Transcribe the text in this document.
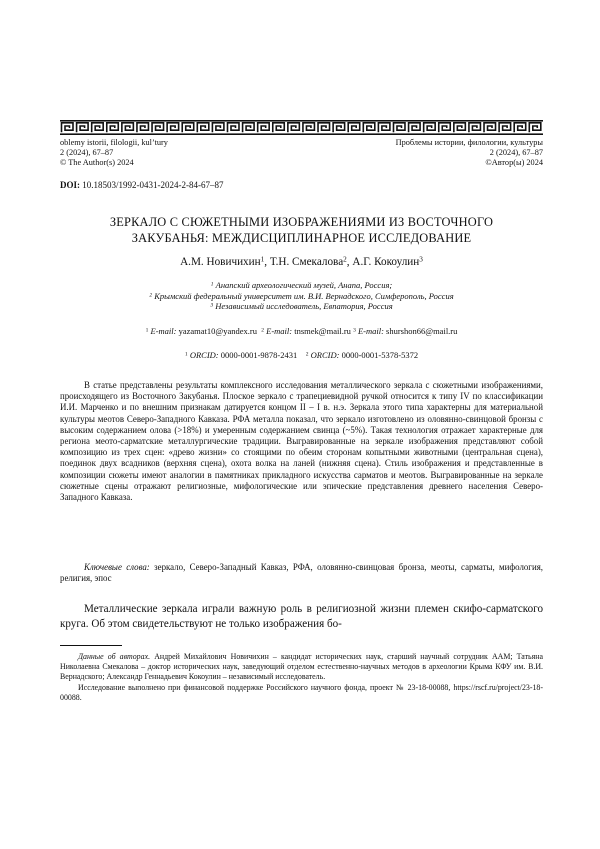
oblemy istorii, filologii, kul’tury
2 (2024), 67–87
© The Author(s) 2024
Проблемы истории, филологии, культуры
2 (2024), 67–87
©Автор(ы) 2024
DOI: 10.18503/1992-0431-2024-2-84-67–87
ЗЕРКАЛО С СЮЖЕТНЫМИ ИЗОБРАЖЕНИЯМИ ИЗ ВОСТОЧНОГО
ЗАКУБАНЬЯ: МЕЖДИСЦИПЛИНАРНОЕ ИССЛЕДОВАНИЕ
А.М. Новичихин1, Т.Н. Смекалова2, А.Г. Кокоулин3
1 Анапский археологический музей, Анапа, Россия;
2 Крымский федеральный университет им. В.И. Вернадского, Симферополь, Россия
3 Независимый исследователь, Евпатория, Россия
1 E-mail: yazamat10@yandex.ru 2 E-mail: tnsmek@mail.ru 3 E-mail: shurshon66@mail.ru
1 ORCID: 0000-0001-9878-2431 2 ORCID: 0000-0001-5378-5372

В статье представлены результаты комплексного исследования металлического зеркала с сюжетными изображениями, происходящего из Восточного Закубанья. Плоское зеркало с трапециевидной ручкой относится к типу IV по классификации И.И. Марченко и по внешним признакам датируется концом II – I в. н.э. Зеркала этого типа характерны для материальной культуры меотов Северо-Западного Кавказа. РФА металла показал, что зеркало изготовлено из оловянно-свинцовой бронзы с высоким содержанием олова (>18%) и умеренным содержанием свинца (~5%). Такая технология отражает характерные для региона меото-сарматские металлургические традиции. Выгравированные на зеркале изображения представляют собой композицию из трех сцен: «древо жизни» со стоящими по обеим сторонам копытными животными (центральная сцена), поединок двух всадников (верхняя сцена), охота волка на ланей (нижняя сцена). Стиль изображения и представленные в композиции сюжеты имеют аналогии в памятниках прикладного искусства сарматов и меотов. Выгравированные на зеркале сюжетные сцены отражают религиозные, мифологические или эпические представления древнего населения Северо-Западного Кавказа.

Ключевые слова: зеркало, Северо-Западный Кавказ, РФА, оловянно-свинцовая бронза, меоты, сарматы, мифология, религия, эпос

Металлические зеркала играли важную роль в религиозной жизни племен скифо-сарматского круга. Об этом свидетельствуют не только изображения бо-

Данные об авторах. Андрей Михайлович Новичихин – кандидат исторических наук, старший научный сотрудник ААМ; Татьяна Николаевна Смекалова – доктор исторических наук, заведующий отделом естественно-научных методов в археологии Крыма КФУ им. В.И. Вернадского; Александр Геннадьевич Кокоулин – независимый исследователь.

Исследование выполнено при финансовой поддержке Российского научного фонда, проект № 23-18-00088, https://rscf.ru/project/23-18-00088.
